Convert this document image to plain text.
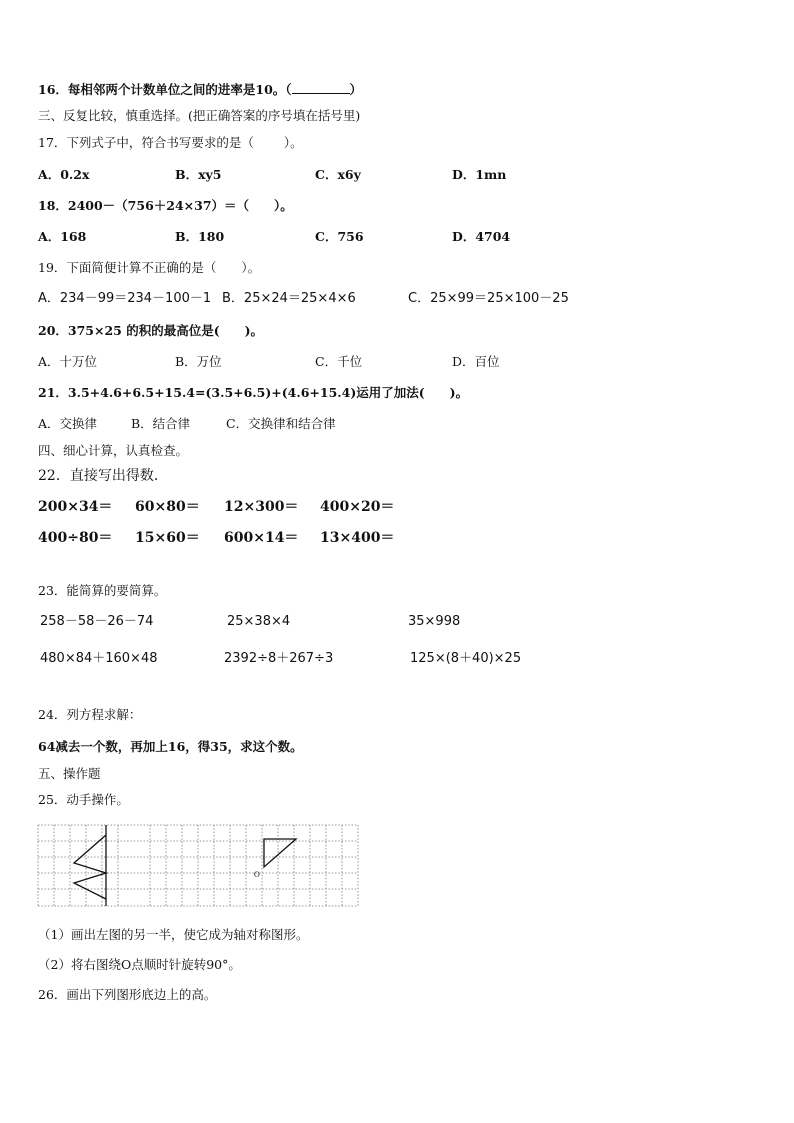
16．每相邻两个计数单位之间的进率是10。（	）
三、反复比较，慎重选择。(把正确答案的序号填在括号里)
17．下列式子中，符合书写要求的是（ ）。
A．0.2x	B．xy5	C．x6y	D．1mn
18．2400－（756＋24×37）＝（　　）。
A．168	B．180	C．756	D．4704
19．下面简便计算不正确的是（　　）。
A．234－99＝234－100－1 B．25×24＝25×4×6	C．25×99＝25×100－25
20．375×25 的积的最高位是(　　)。
A．十万位	B．万位	C．千位	D．百位
21．3.5+4.6+6.5+15.4=(3.5+6.5)+(4.6+15.4)运用了加法(　　)。
A．交换律	B．结合律	C．交换律和结合律
四、细心计算，认真检查。
22．直接写出得数．
200×34＝ 60×80＝ 12×300＝ 400×20＝
400÷80＝ 15×60＝ 600×14＝ 13×400＝
23．能简算的要简算。
258－58－26－74	25×38×4	35×998
480×84＋160×48	2392÷8＋267÷3	125×(8＋40)×25
24．列方程求解：
64减去一个数，再加上16，得35，求这个数。
五、操作题
25．动手操作。
O
（1）画出左图的另一半，使它成为轴对称图形。
（2）将右图绕O点顺时针旋转90°。
26．画出下列图形底边上的高。
